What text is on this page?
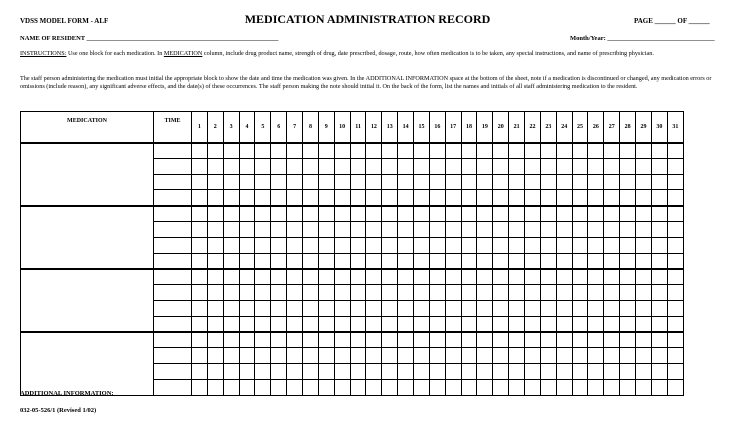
VDSS MODEL FORM - ALF	MEDICATION ADMINISTRATION RECORD	PAGE ______ OF ______
NAME OF RESIDENT ___________________________________________________________	Month/Year: _________________________________
INSTRUCTIONS: Use one block for each medication. In MEDICATION column, include drug product name, strength of drug, date prescribed, dosage, route, how often medication is to be taken, any special instructions, and name of prescribing physician.
The staff person administering the medication must initial the appropriate block to show the date and time the medication was given. In the ADDITIONAL INFORMATION space at the bottom of the sheet, note if a medication is discontinued or changed, any medication errors or omissions (include reason), any significant adverse effects, and the date(s) of these occurrences. The staff person making the note should initial it. On the back of the form, list the names and initials of all staff administering medication to the resident.
MEDICATION	TIME	1	2	3	4	5	6	7	8	9	10	11	12	13	14	15	16	17	18	19	20	21	22	23	24	25	26	27	28	29	30	31

ADDITIONAL INFORMATION:
032-05-526/1 (Revised 1/02)
